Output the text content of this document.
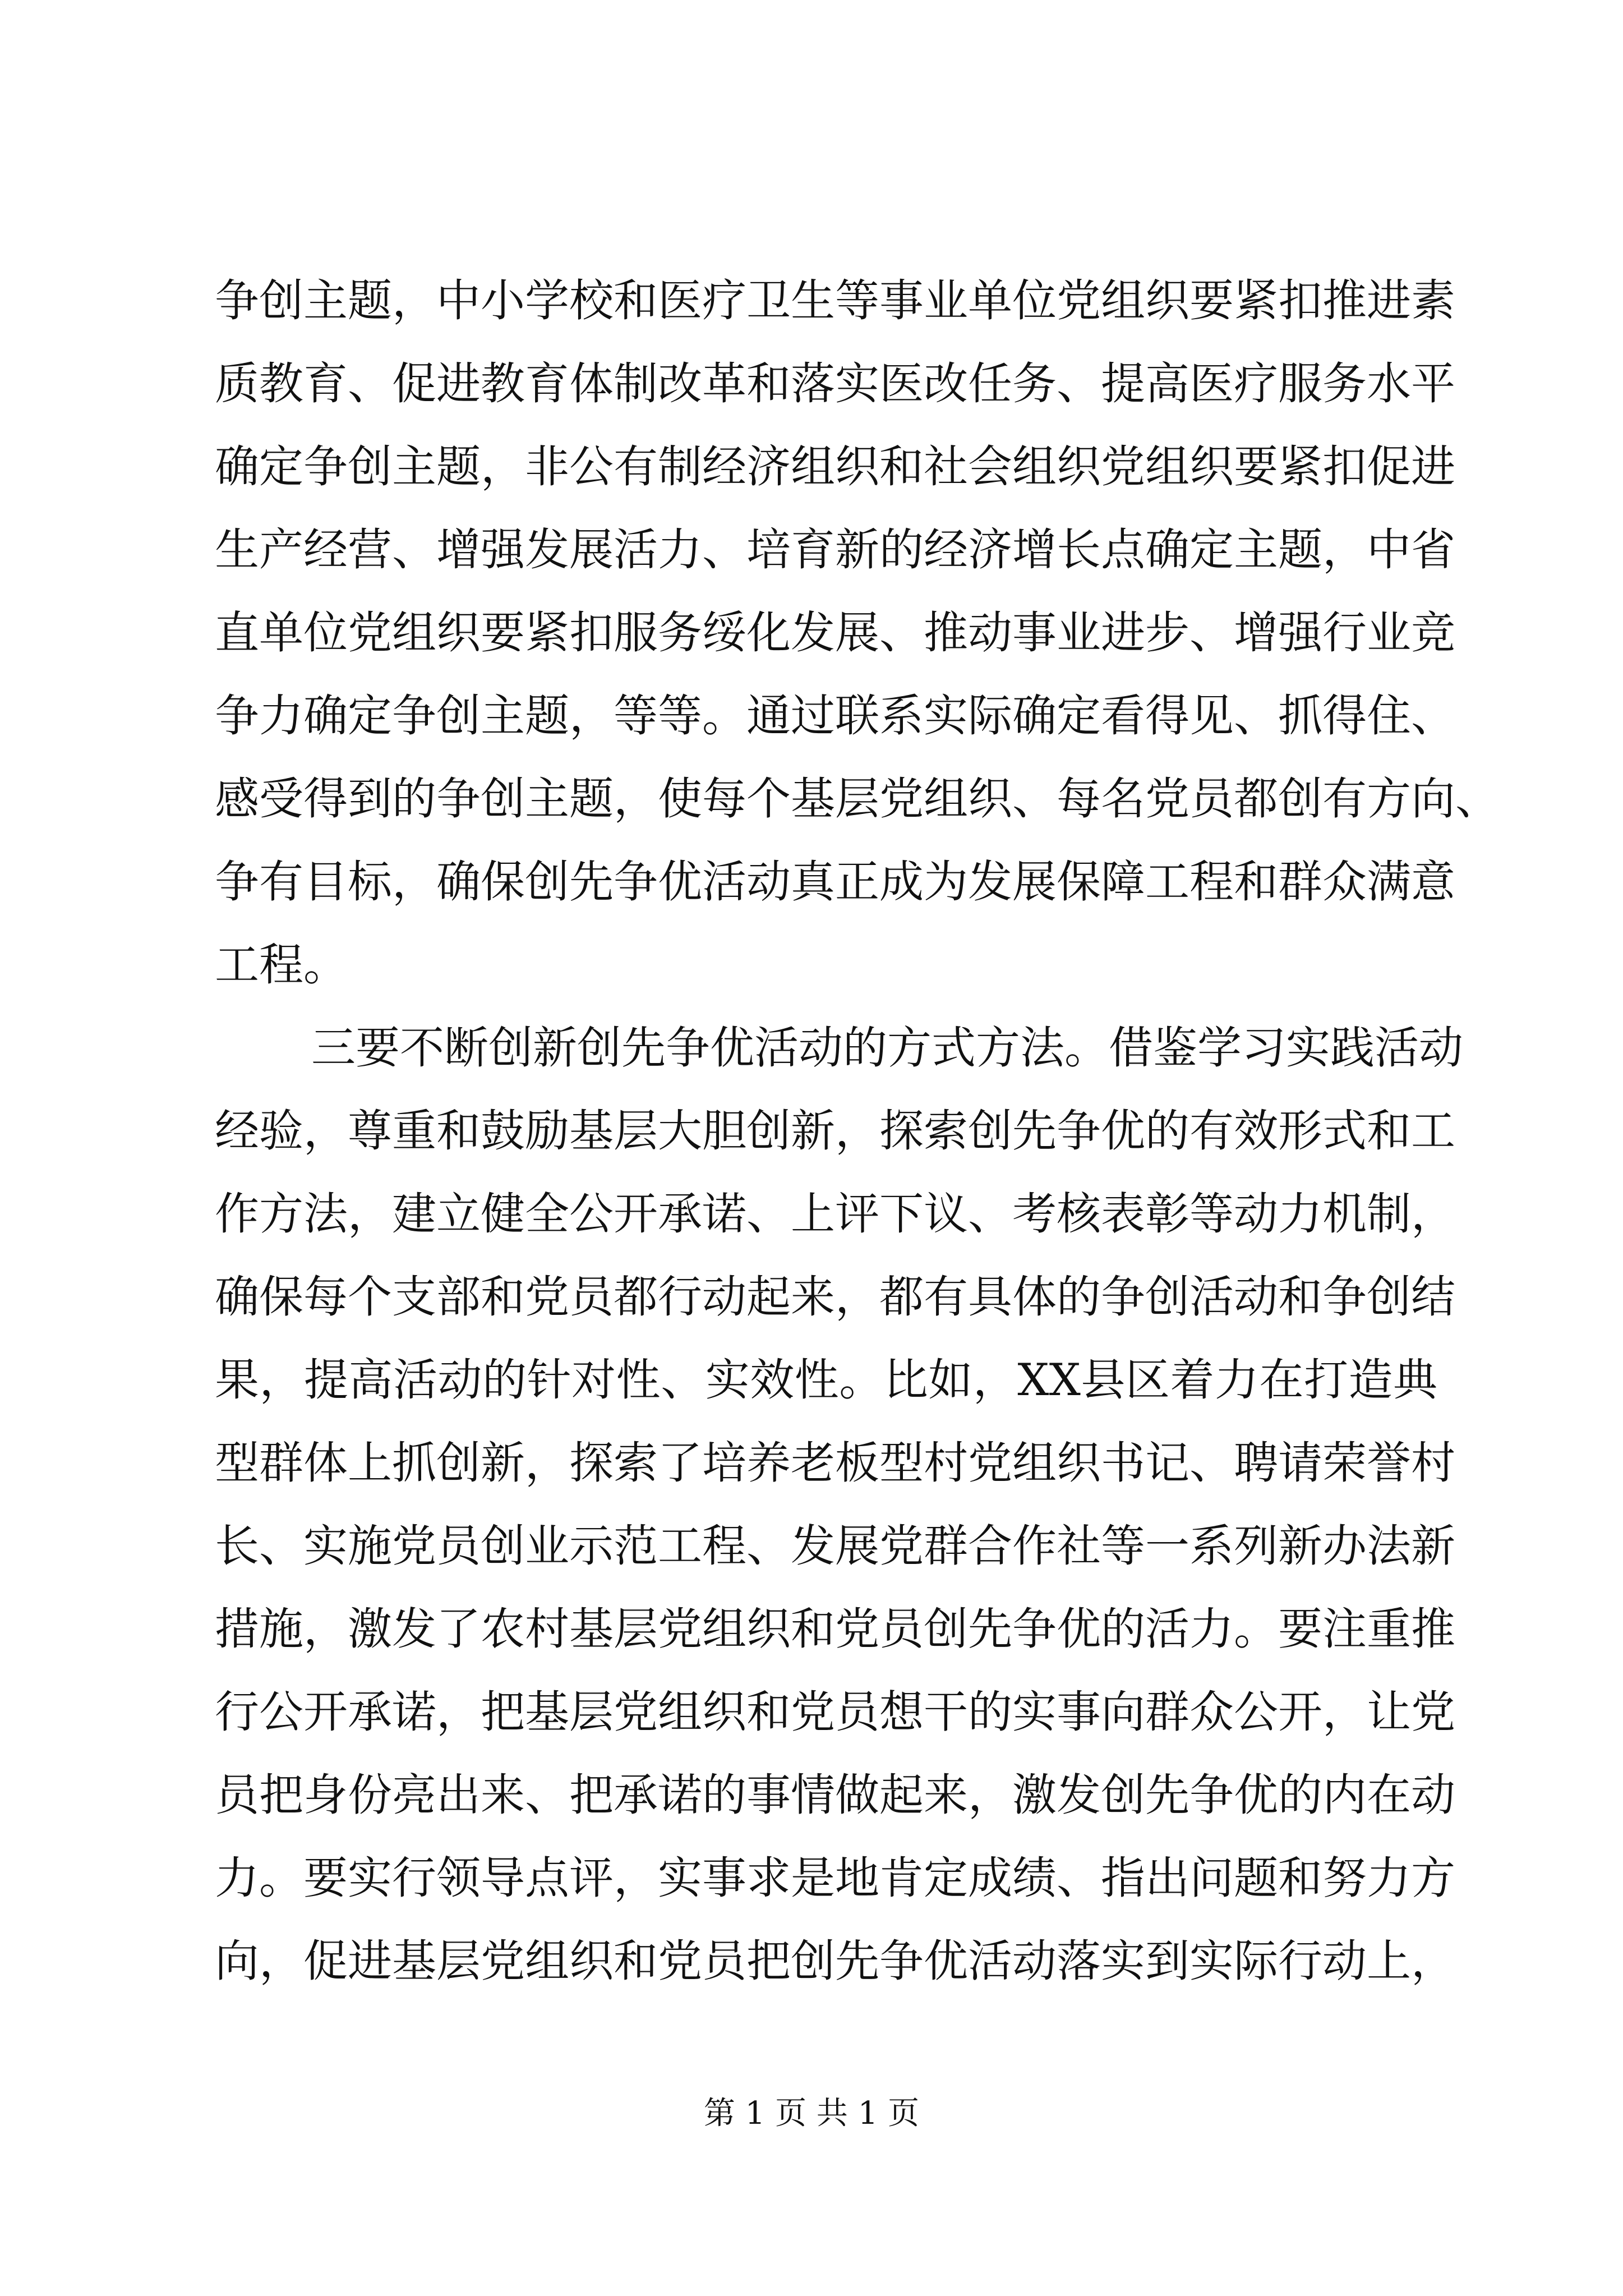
争创主题，中小学校和医疗卫生等事业单位党组织要紧扣推进素
质教育、促进教育体制改革和落实医改任务、提高医疗服务水平
确定争创主题，非公有制经济组织和社会组织党组织要紧扣促进
生产经营、增强发展活力、培育新的经济增长点确定主题，中省
直单位党组织要紧扣服务绥化发展、推动事业进步、增强行业竞
争力确定争创主题，等等。通过联系实际确定看得见、抓得住、
感受得到的争创主题，使每个基层党组织、每名党员都创有方向、
争有目标，确保创先争优活动真正成为发展保障工程和群众满意
工程。
三要不断创新创先争优活动的方式方法。借鉴学习实践活动
经验，尊重和鼓励基层大胆创新，探索创先争优的有效形式和工
作方法，建立健全公开承诺、上评下议、考核表彰等动力机制，
确保每个支部和党员都行动起来，都有具体的争创活动和争创结
果，提高活动的针对性、实效性。比如，XX县区着力在打造典
型群体上抓创新，探索了培养老板型村党组织书记、聘请荣誉村
长、实施党员创业示范工程、发展党群合作社等一系列新办法新
措施，激发了农村基层党组织和党员创先争优的活力。要注重推
行公开承诺，把基层党组织和党员想干的实事向群众公开，让党
员把身份亮出来、把承诺的事情做起来，激发创先争优的内在动
力。要实行领导点评，实事求是地肯定成绩、指出问题和努力方
向，促进基层党组织和党员把创先争优活动落实到实际行动上，
第 1 页 共 1 页
